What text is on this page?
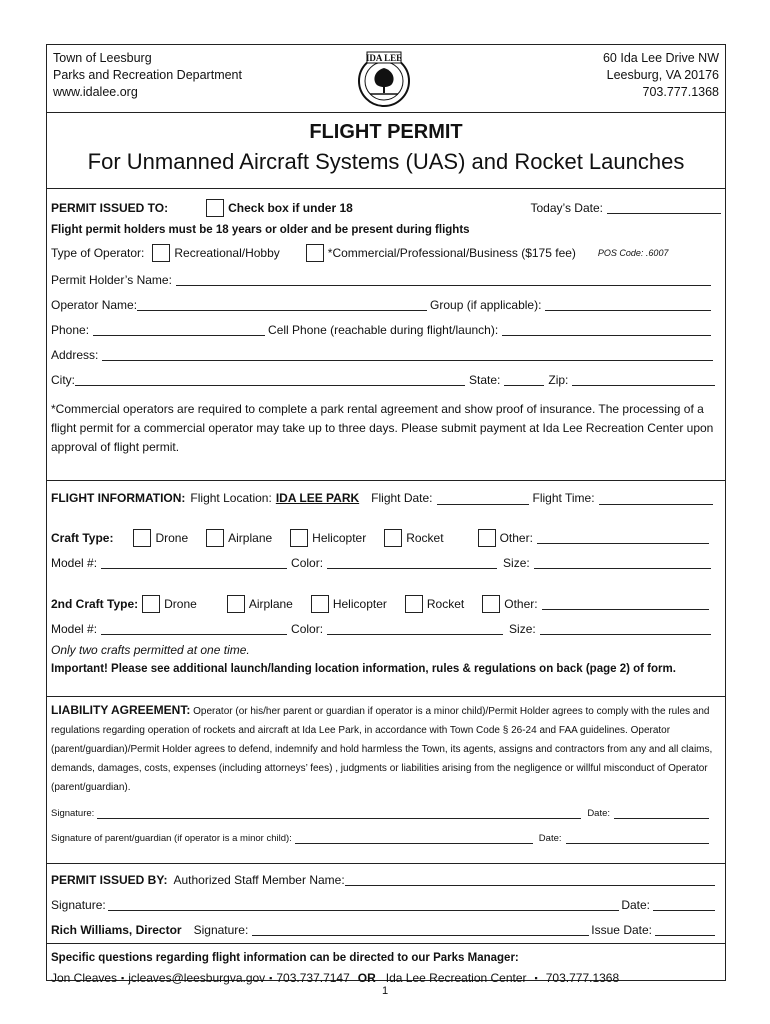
Town of Leesburg
Parks and Recreation Department
www.idalee.org
IDA LEE	60 Ida Lee Drive NW
Leesburg, VA 20176
703.777.1368
FLIGHT PERMIT
For Unmanned Aircraft Systems (UAS) and Rocket Launches
PERMIT ISSUED TO:	Check box if under 18	Today’s Date:
Flight permit holders must be 18 years or older and be present during flights
Type of Operator:	Recreational/Hobby	*Commercial/Professional/Business ($175 fee) POS Code: .6007
Permit Holder’s Name:
Operator Name:	Group (if applicable):
Phone:	Cell Phone (reachable during flight/launch):
Address:
City:	State:	Zip:
*Commercial operators are required to complete a park rental agreement and show proof of insurance. The processing of a flight permit for a commercial operator may take up to three days. Please submit payment at Ida Lee Recreation Center upon approval of flight permit.
FLIGHT INFORMATION: Flight Location: IDA LEE PARK Flight Date:	Flight Time:
Craft Type:	Drone	Airplane	Helicopter	Rocket	Other:
Model #:	Color:	Size:
2nd Craft Type: Drone	Airplane	Helicopter	Rocket	Other:
Model #:	Color:	Size:
Only two crafts permitted at one time.
Important! Please see additional launch/landing location information, rules & regulations on back (page 2) of form.
LIABILITY AGREEMENT: Operator (or his/her parent or guardian if operator is a minor child)/Permit Holder agrees to comply with the rules and regulations regarding operation of rockets and aircraft at Ida Lee Park, in accordance with Town Code § 26-24 and FAA guidelines. Operator (parent/guardian)/Permit Holder agrees to defend, indemnify and hold harmless the Town, its agents, assigns and contractors from any and all claims, demands, damages, costs, expenses (including attorneys’ fees) , judgments or liabilities arising from the negligence or willful misconduct of Operator (parent/guardian).
Signature:	Date:
Signature of parent/guardian (if operator is a minor child):	Date:
PERMIT ISSUED BY: Authorized Staff Member Name:
Signature:	Date:
Rich Williams, Director Signature:	Issue Date:
Specific questions regarding flight information can be directed to our Parks Manager:
Jon Cleaves ▪ jcleaves@leesburgva.gov ▪ 703.737.7147 OR Ida Lee Recreation Center ▪ 703.777.1368
1
